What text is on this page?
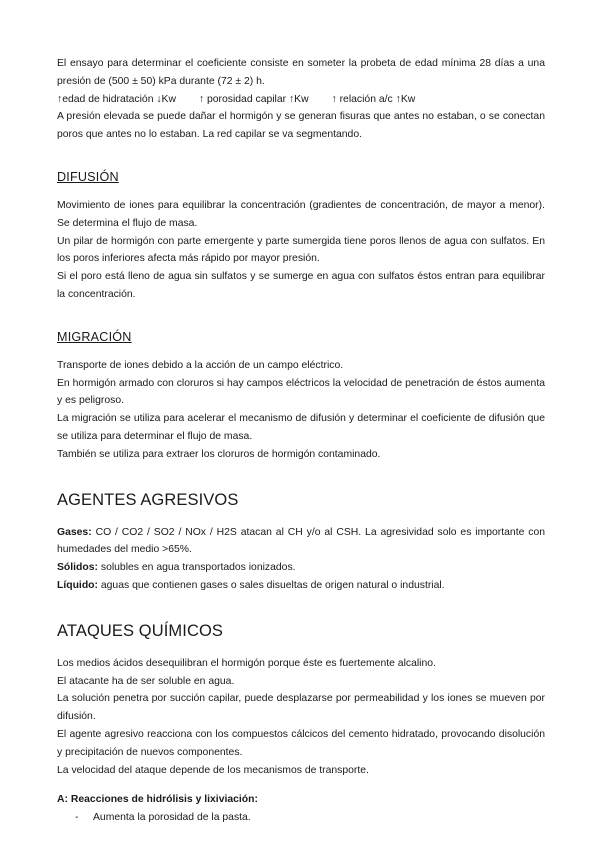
El ensayo para determinar el coeficiente consiste en someter la probeta de edad mínima 28 días a una presión de (500 ± 50) kPa durante (72 ± 2) h.

↑edad de hidratación ↓Kw ↑ porosidad capilar ↑Kw ↑ relación a/c ↑Kw

A presión elevada se puede dañar el hormigón y se generan fisuras que antes no estaban, o se conectan poros que antes no lo estaban. La red capilar se va segmentando.

DIFUSIÓN

Movimiento de iones para equilibrar la concentración (gradientes de concentración, de mayor a menor). Se determina el flujo de masa.

Un pilar de hormigón con parte emergente y parte sumergida tiene poros llenos de agua con sulfatos. En los poros inferiores afecta más rápido por mayor presión.

Si el poro está lleno de agua sin sulfatos y se sumerge en agua con sulfatos éstos entran para equilibrar la concentración.

MIGRACIÓN

Transporte de iones debido a la acción de un campo eléctrico.

En hormigón armado con cloruros si hay campos eléctricos la velocidad de penetración de éstos aumenta y es peligroso.

La migración se utiliza para acelerar el mecanismo de difusión y determinar el coeficiente de difusión que se utiliza para determinar el flujo de masa.

También se utiliza para extraer los cloruros de hormigón contaminado.

AGENTES AGRESIVOS

Gases: CO / CO2 / SO2 / NOx / H2S atacan al CH y/o al CSH. La agresividad solo es importante con humedades del medio >65%.

Sólidos: solubles en agua transportados ionizados.

Líquido: aguas que contienen gases o sales disueltas de origen natural o industrial.

ATAQUES QUÍMICOS

Los medios ácidos desequilibran el hormigón porque éste es fuertemente alcalino.

El atacante ha de ser soluble en agua.

La solución penetra por succión capilar, puede desplazarse por permeabilidad y los iones se mueven por difusión.

El agente agresivo reacciona con los compuestos cálcicos del cemento hidratado, provocando disolución y precipitación de nuevos componentes.

La velocidad del ataque depende de los mecanismos de transporte.

A: Reacciones de hidrólisis y lixiviación:

-	Aumenta la porosidad de la pasta.
